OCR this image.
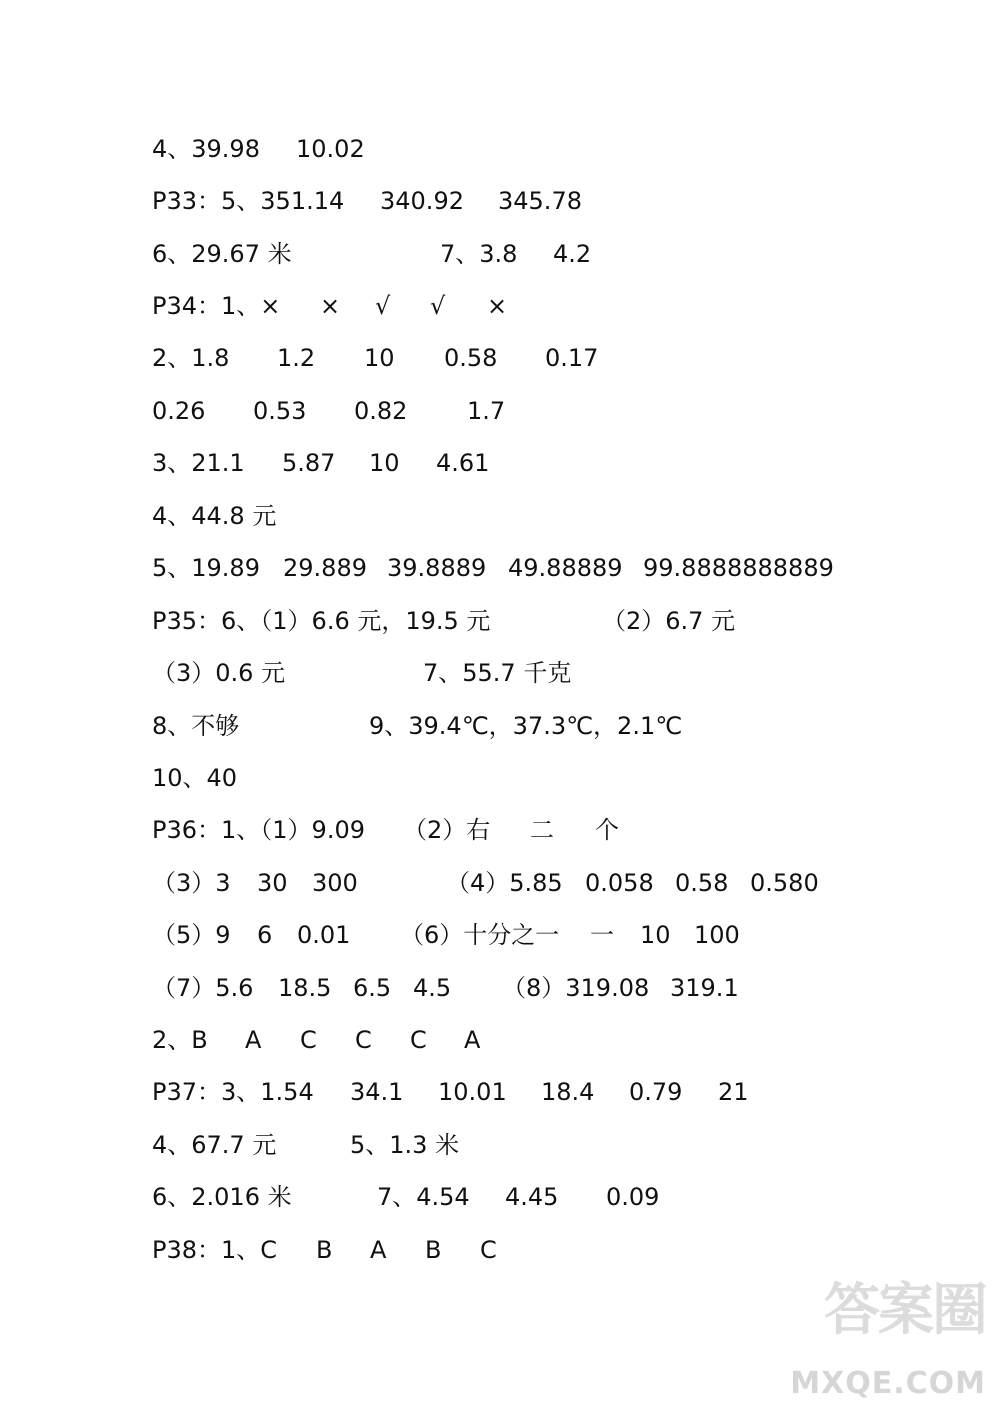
4、39.98 10.02
P33：5、351.14 340.92 345.78
6、29.67 米	7、3.8 4.2
P34：1、× × √ √ ×
2、1.8 1.2 10 0.58 0.17
0.26 0.53 0.82 1.7
3、21.1 5.87 10 4.61
4、44.8 元
5、19.89 29.889 39.8889 49.88889 99.8888888889
P35：6、（1）6.6 元，19.5 元	（2）6.7 元
（3）0.6 元	7、55.7 千克
8、不够	9、39.4℃，37.3℃，2.1℃
10、40
P36：1、（1）9.09 （2）右 二 个
（3）3 30 300	（4）5.85 0.058 0.58 0.580
（5）9 6 0.01 （6）十分之一 一 10 100
（7）5.6 18.5 6.5 4.5 （8）319.08 319.1
2、B A C C C A
P37：3、1.54 34.1 10.01 18.4 0.79 21
4、67.7 元	5、1.3 米
6、2.016 米	7、4.54 4.45 0.09
P38：1、C B A B C
答案圈
MXQE.COM
